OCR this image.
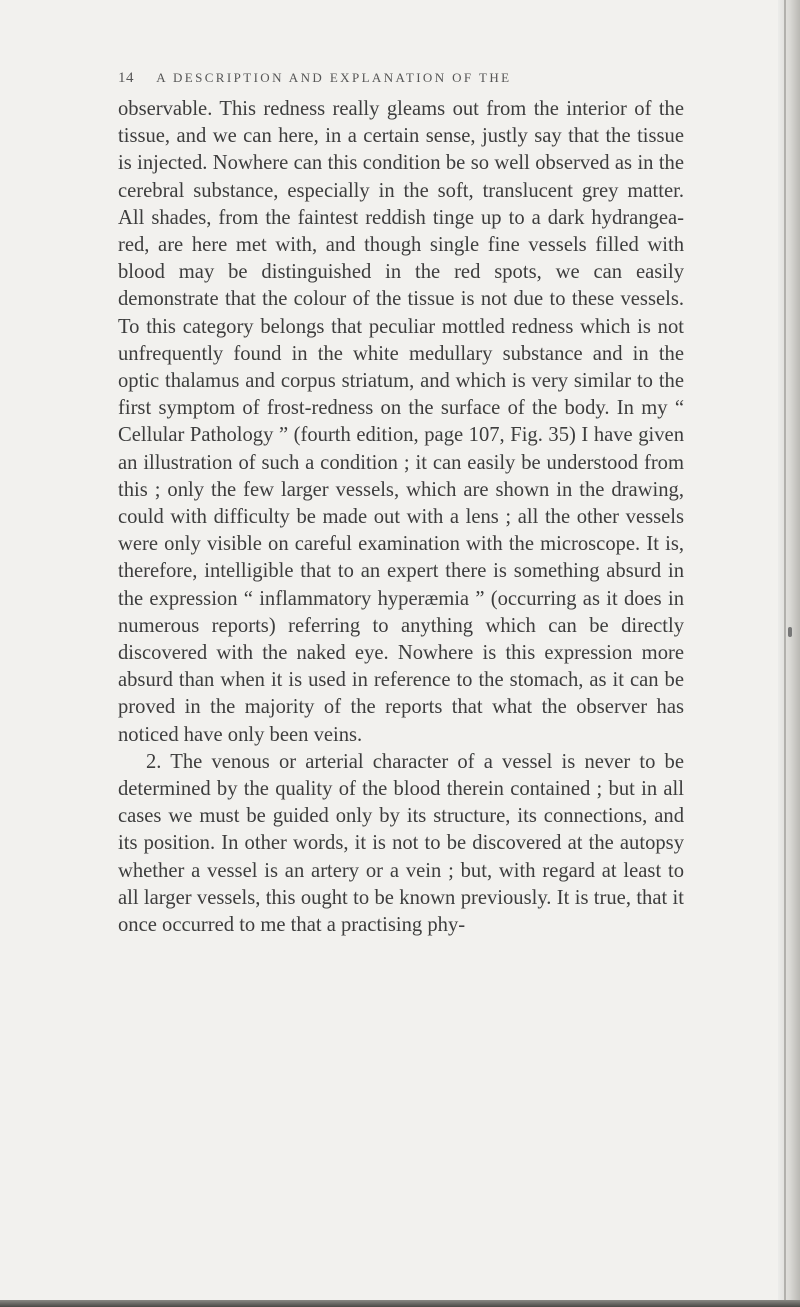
14 A DESCRIPTION AND EXPLANATION OF THE

observable. This redness really gleams out from the interior of the tissue, and we can here, in a certain sense, justly say that the tissue is injected. Nowhere can this condition be so well observed as in the cerebral substance, especially in the soft, translucent grey matter. All shades, from the faintest reddish tinge up to a dark hydrangea-red, are here met with, and though single fine vessels filled with blood may be distinguished in the red spots, we can easily demonstrate that the colour of the tissue is not due to these vessels. To this category belongs that peculiar mottled redness which is not unfrequently found in the white medullary substance and in the optic thalamus and corpus striatum, and which is very similar to the first symptom of frost-redness on the surface of the body. In my “ Cellular Pathology ” (fourth edition, page 107, Fig. 35) I have given an illustration of such a condition ; it can easily be understood from this ; only the few larger vessels, which are shown in the drawing, could with difficulty be made out with a lens ; all the other vessels were only visible on careful examination with the microscope. It is, therefore, intelligible that to an expert there is something absurd in the expression “ inflammatory hyperæmia ” (occurring as it does in numerous reports) referring to anything which can be directly discovered with the naked eye. Nowhere is this expression more absurd than when it is used in reference to the stomach, as it can be proved in the majority of the reports that what the observer has noticed have only been veins.

2. The venous or arterial character of a vessel is never to be determined by the quality of the blood therein contained ; but in all cases we must be guided only by its structure, its connections, and its position. In other words, it is not to be discovered at the autopsy whether a vessel is an artery or a vein ; but, with regard at least to all larger vessels, this ought to be known previously. It is true, that it once occurred to me that a practising phy-
